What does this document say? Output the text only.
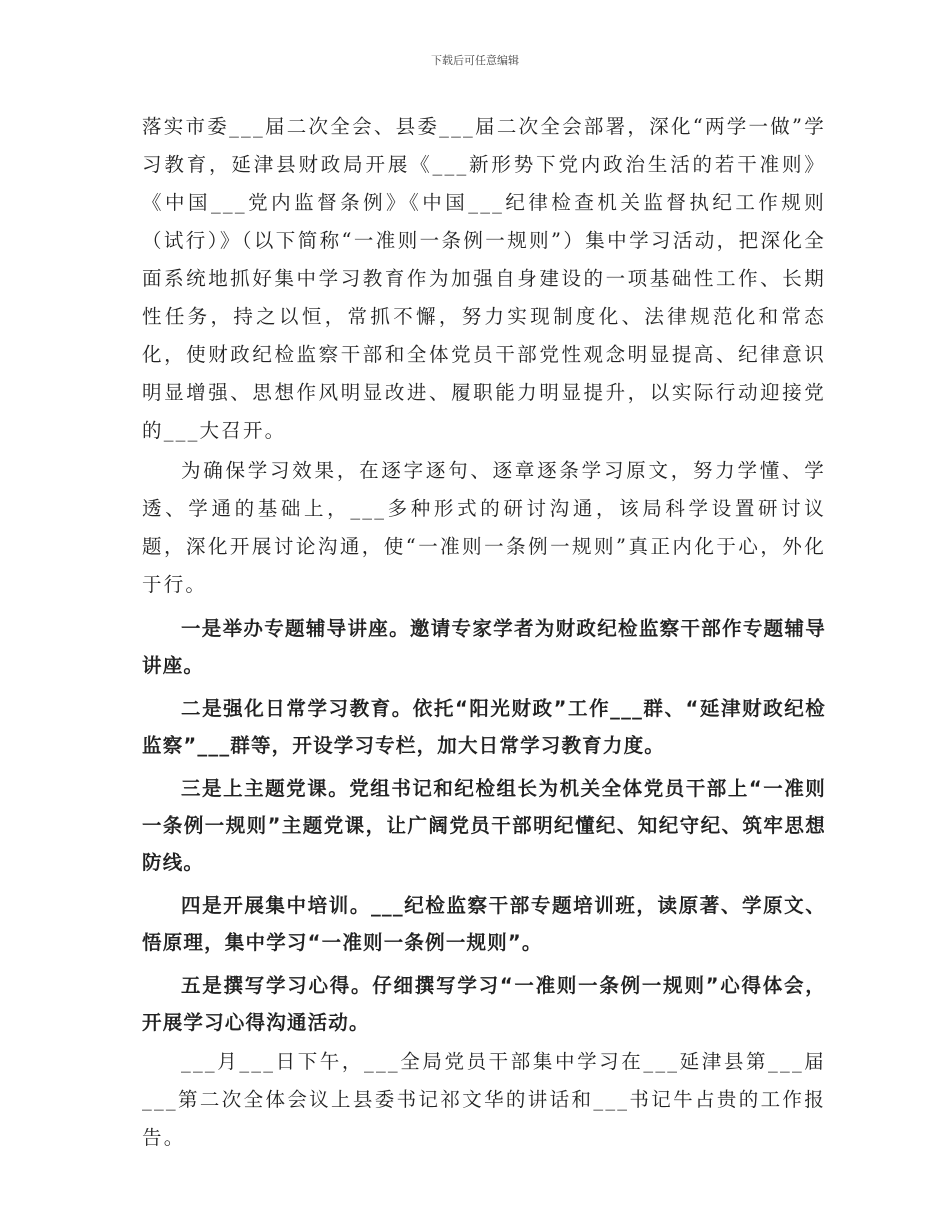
下载后可任意编辑

落实市委___届二次全会、县委___届二次全会部署，深化“两学一做”学习教育，延津县财政局开展《___新形势下党内政治生活的若干准则》《中国___党内监督条例》《中国___纪律检查机关监督执纪工作规则（试行）》（以下简称“一准则一条例一规则”）集中学习活动，把深化全面系统地抓好集中学习教育作为加强自身建设的一项基础性工作、长期性任务，持之以恒，常抓不懈，努力实现制度化、法律规范化和常态化，使财政纪检监察干部和全体党员干部党性观念明显提高、纪律意识明显增强、思想作风明显改进、履职能力明显提升，以实际行动迎接党的___大召开。

为确保学习效果，在逐字逐句、逐章逐条学习原文，努力学懂、学透、学通的基础上，___多种形式的研讨沟通，该局科学设置研讨议题，深化开展讨论沟通，使“一准则一条例一规则”真正内化于心，外化于行。

一是举办专题辅导讲座。邀请专家学者为财政纪检监察干部作专题辅导讲座。

二是强化日常学习教育。依托“阳光财政”工作___群、“延津财政纪检监察”___群等，开设学习专栏，加大日常学习教育力度。

三是上主题党课。党组书记和纪检组长为机关全体党员干部上“一准则一条例一规则”主题党课，让广阔党员干部明纪懂纪、知纪守纪、筑牢思想防线。

四是开展集中培训。___纪检监察干部专题培训班，读原著、学原文、悟原理，集中学习“一准则一条例一规则”。

五是撰写学习心得。仔细撰写学习“一准则一条例一规则”心得体会，开展学习心得沟通活动。

___月___日下午，___全局党员干部集中学习在___延津县第___届___第二次全体会议上县委书记祁文华的讲话和___书记牛占贵的工作报告。
